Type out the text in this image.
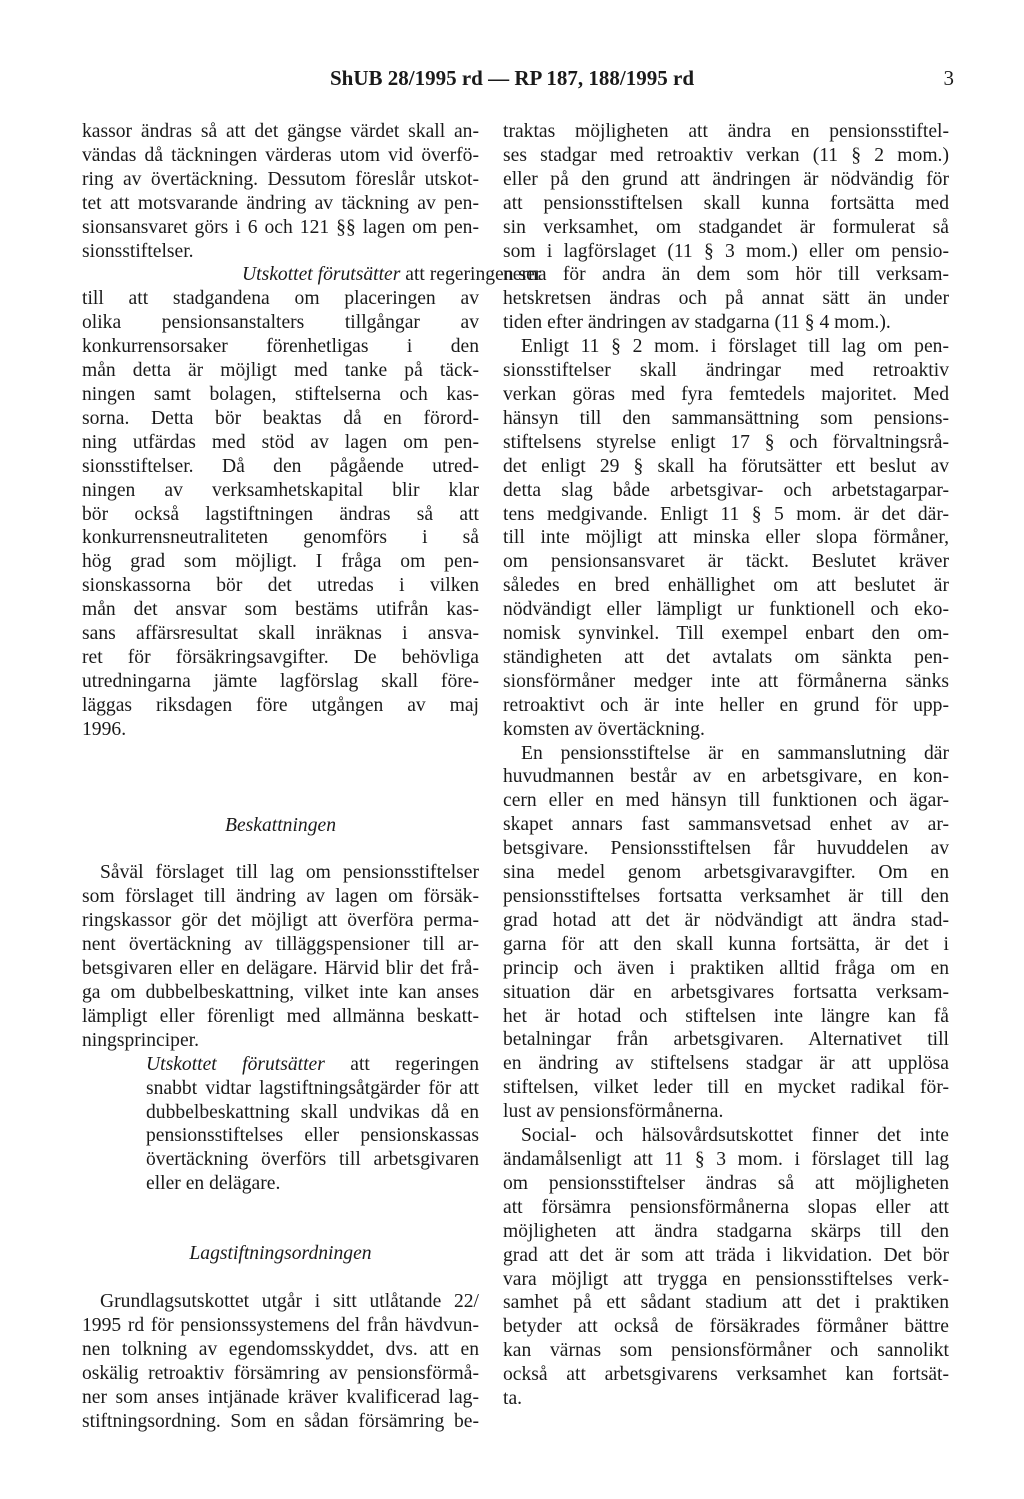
ShUB 28/1995 rd — RP 187, 188/1995 rd	3
kassor ändras så att det gängse värdet skall an-
vändas då täckningen värderas utom vid överfö-
ring av övertäckning. Dessutom föreslår utskot-
tet att motsvarande ändring av täckning av pen-
sionsansvaret görs i 6 och 121 §§ lagen om pen-
sionsstiftelser.
Utskottet förutsätter att regeringen ser
till att stadgandena om placeringen av
olika pensionsanstalters tillgångar av
konkurrensorsaker förenhetligas i den
mån detta är möjligt med tanke på täck-
ningen samt bolagen, stiftelserna och kas-
sorna. Detta bör beaktas då en förord-
ning utfärdas med stöd av lagen om pen-
sionsstiftelser. Då den pågående utred-
ningen av verksamhetskapital blir klar
bör också lagstiftningen ändras så att
konkurrensneutraliteten genomförs i så
hög grad som möjligt. I fråga om pen-
sionskassorna bör det utredas i vilken
mån det ansvar som bestäms utifrån kas-
sans affärsresultat skall inräknas i ansva-
ret för försäkringsavgifter. De behövliga
utredningarna jämte lagförslag skall före-
läggas riksdagen före utgången av maj
1996.
Beskattningen
Såväl förslaget till lag om pensionsstiftelser
som förslaget till ändring av lagen om försäk-
ringskassor gör det möjligt att överföra perma-
nent övertäckning av tilläggspensioner till ar-
betsgivaren eller en delägare. Härvid blir det frå-
ga om dubbelbeskattning, vilket inte kan anses
lämpligt eller förenligt med allmänna beskatt-
ningsprinciper.
Utskottet förutsätter att regeringen
snabbt vidtar lagstiftningsåtgärder för att
dubbelbeskattning skall undvikas då en
pensionsstiftelses eller pensionskassas
övertäckning överförs till arbetsgivaren
eller en delägare.
Lagstiftningsordningen
Grundlagsutskottet utgår i sitt utlåtande 22/
1995 rd för pensionssystemens del från hävdvun-
nen tolkning av egendomsskyddet, dvs. att en
oskälig retroaktiv försämring av pensionsförmå-
ner som anses intjänade kräver kvalificerad lag-
stiftningsordning. Som en sådan försämring be-
traktas möjligheten att ändra en pensionsstiftel-
ses stadgar med retroaktiv verkan (11 § 2 mom.)
eller på den grund att ändringen är nödvändig för
att pensionsstiftelsen skall kunna fortsätta med
sin verksamhet, om stadgandet är formulerat så
som i lagförslaget (11 § 3 mom.) eller om pensio-
nerna för andra än dem som hör till verksam-
hetskretsen ändras och på annat sätt än under
tiden efter ändringen av stadgarna (11 § 4 mom.).
Enligt 11 § 2 mom. i förslaget till lag om pen-
sionsstiftelser skall ändringar med retroaktiv
verkan göras med fyra femtedels majoritet. Med
hänsyn till den sammansättning som pensions-
stiftelsens styrelse enligt 17 § och förvaltningsrå-
det enligt 29 § skall ha förutsätter ett beslut av
detta slag både arbetsgivar- och arbetstagarpar-
tens medgivande. Enligt 11 § 5 mom. är det där-
till inte möjligt att minska eller slopa förmåner,
om pensionsansvaret är täckt. Beslutet kräver
således en bred enhällighet om att beslutet är
nödvändigt eller lämpligt ur funktionell och eko-
nomisk synvinkel. Till exempel enbart den om-
ständigheten att det avtalats om sänkta pen-
sionsförmåner medger inte att förmånerna sänks
retroaktivt och är inte heller en grund för upp-
komsten av övertäckning.
En pensionsstiftelse är en sammanslutning där
huvudmannen består av en arbetsgivare, en kon-
cern eller en med hänsyn till funktionen och ägar-
skapet annars fast sammansvetsad enhet av ar-
betsgivare. Pensionsstiftelsen får huvuddelen av
sina medel genom arbetsgivaravgifter. Om en
pensionsstiftelses fortsatta verksamhet är till den
grad hotad att det är nödvändigt att ändra stad-
garna för att den skall kunna fortsätta, är det i
princip och även i praktiken alltid fråga om en
situation där en arbetsgivares fortsatta verksam-
het är hotad och stiftelsen inte längre kan få
betalningar från arbetsgivaren. Alternativet till
en ändring av stiftelsens stadgar är att upplösa
stiftelsen, vilket leder till en mycket radikal för-
lust av pensionsförmånerna.
Social- och hälsovårdsutskottet finner det inte
ändamålsenligt att 11 § 3 mom. i förslaget till lag
om pensionsstiftelser ändras så att möjligheten
att försämra pensionsförmånerna slopas eller att
möjligheten att ändra stadgarna skärps till den
grad att det är som att träda i likvidation. Det bör
vara möjligt att trygga en pensionsstiftelses verk-
samhet på ett sådant stadium att det i praktiken
betyder att också de försäkrades förmåner bättre
kan värnas som pensionsförmåner och sannolikt
också att arbetsgivarens verksamhet kan fortsät-
ta.
